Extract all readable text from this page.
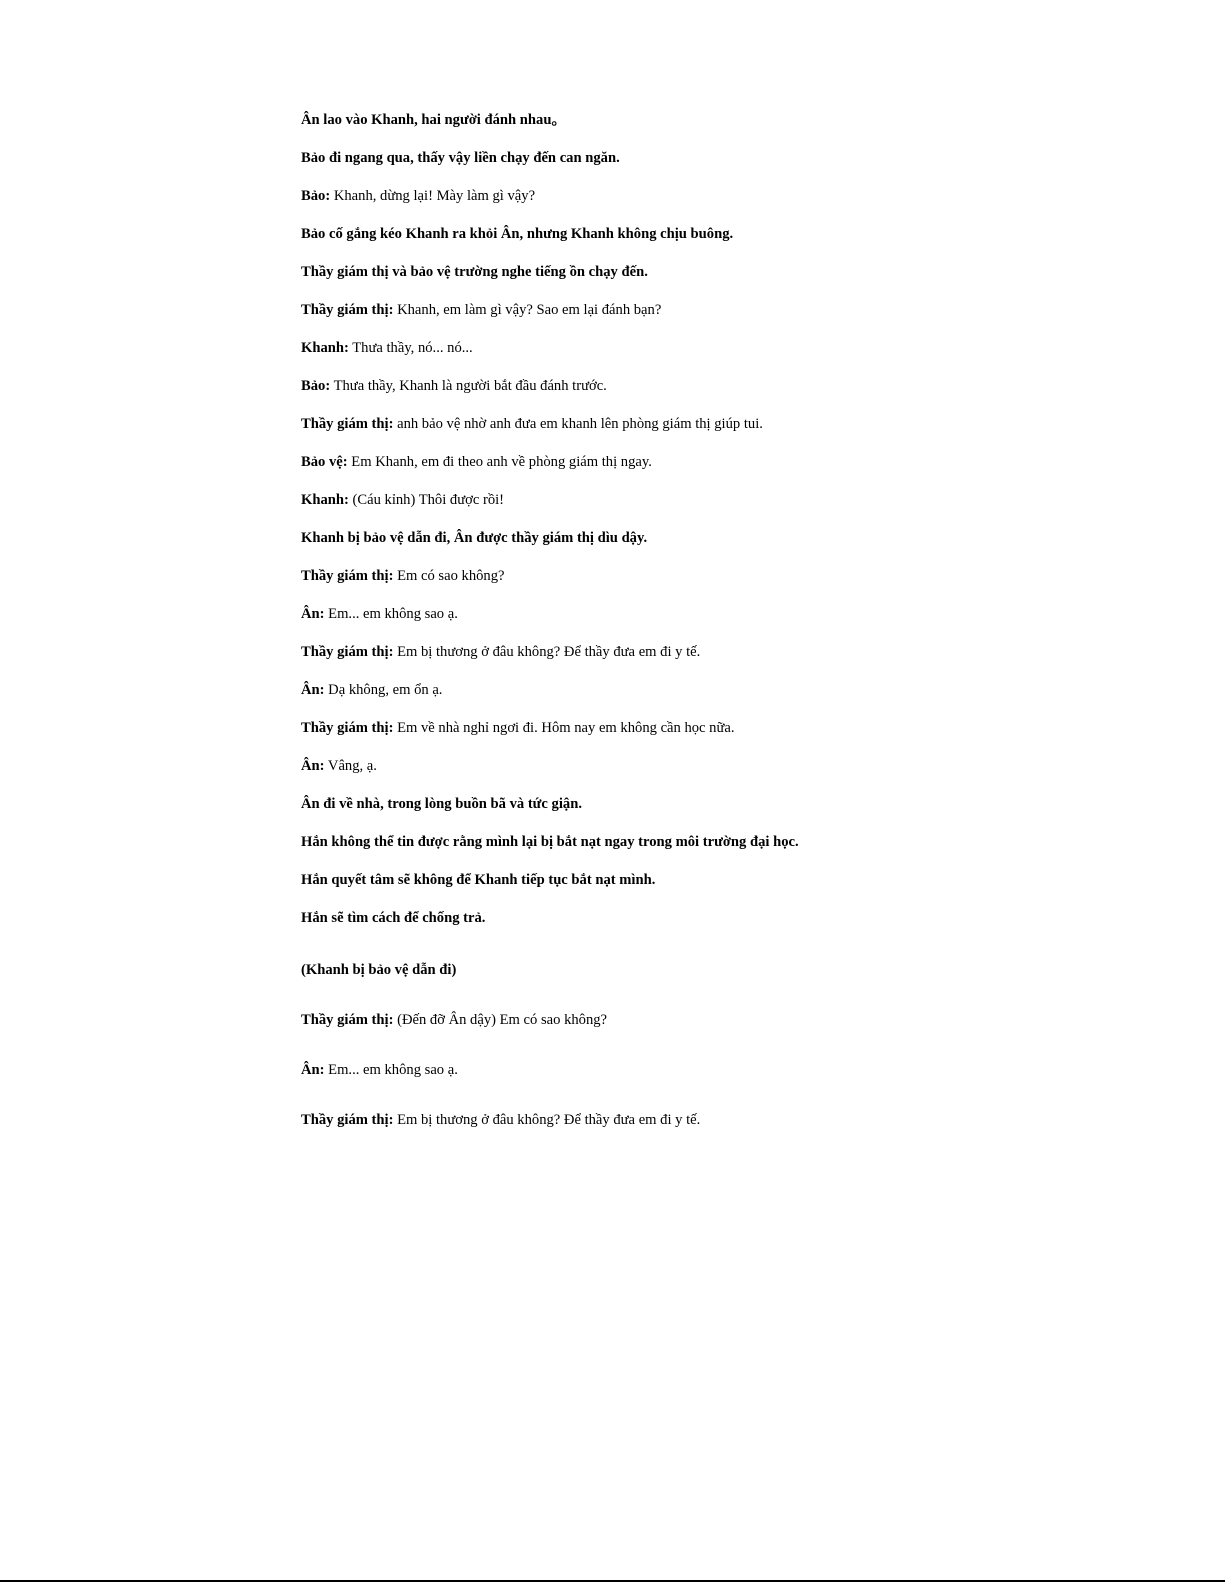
Ân lao vào Khanh, hai người đánh nhau。
Bảo đi ngang qua, thấy vậy liền chạy đến can ngăn.
Bảo: Khanh, dừng lại! Mày làm gì vậy?
Bảo cố gắng kéo Khanh ra khỏi Ân, nhưng Khanh không chịu buông.
Thầy giám thị và bảo vệ trường nghe tiếng ồn chạy đến.
Thầy giám thị: Khanh, em làm gì vậy? Sao em lại đánh bạn?
Khanh: Thưa thầy, nó... nó...
Bảo: Thưa thầy, Khanh là người bắt đầu đánh trước.
Thầy giám thị: anh bảo vệ nhờ anh đưa em khanh lên phòng giám thị giúp tui.
Bảo vệ: Em Khanh, em đi theo anh về phòng giám thị ngay.
Khanh: (Cáu kỉnh) Thôi được rồi!
Khanh bị bảo vệ dẫn đi, Ân được thầy giám thị dìu dậy.
Thầy giám thị: Em có sao không?
Ân: Em... em không sao ạ.
Thầy giám thị: Em bị thương ở đâu không? Để thầy đưa em đi y tế.
Ân: Dạ không, em ổn ạ.
Thầy giám thị: Em về nhà nghỉ ngơi đi. Hôm nay em không cần học nữa.
Ân: Vâng, ạ.
Ân đi về nhà, trong lòng buồn bã và tức giận.
Hắn không thể tin được rằng mình lại bị bắt nạt ngay trong môi trường đại học.
Hắn quyết tâm sẽ không để Khanh tiếp tục bắt nạt mình.
Hắn sẽ tìm cách để chống trả.
(Khanh bị bảo vệ dẫn đi)
Thầy giám thị: (Đến đỡ Ân dậy) Em có sao không?
Ân: Em... em không sao ạ.
Thầy giám thị: Em bị thương ở đâu không? Để thầy đưa em đi y tế.
